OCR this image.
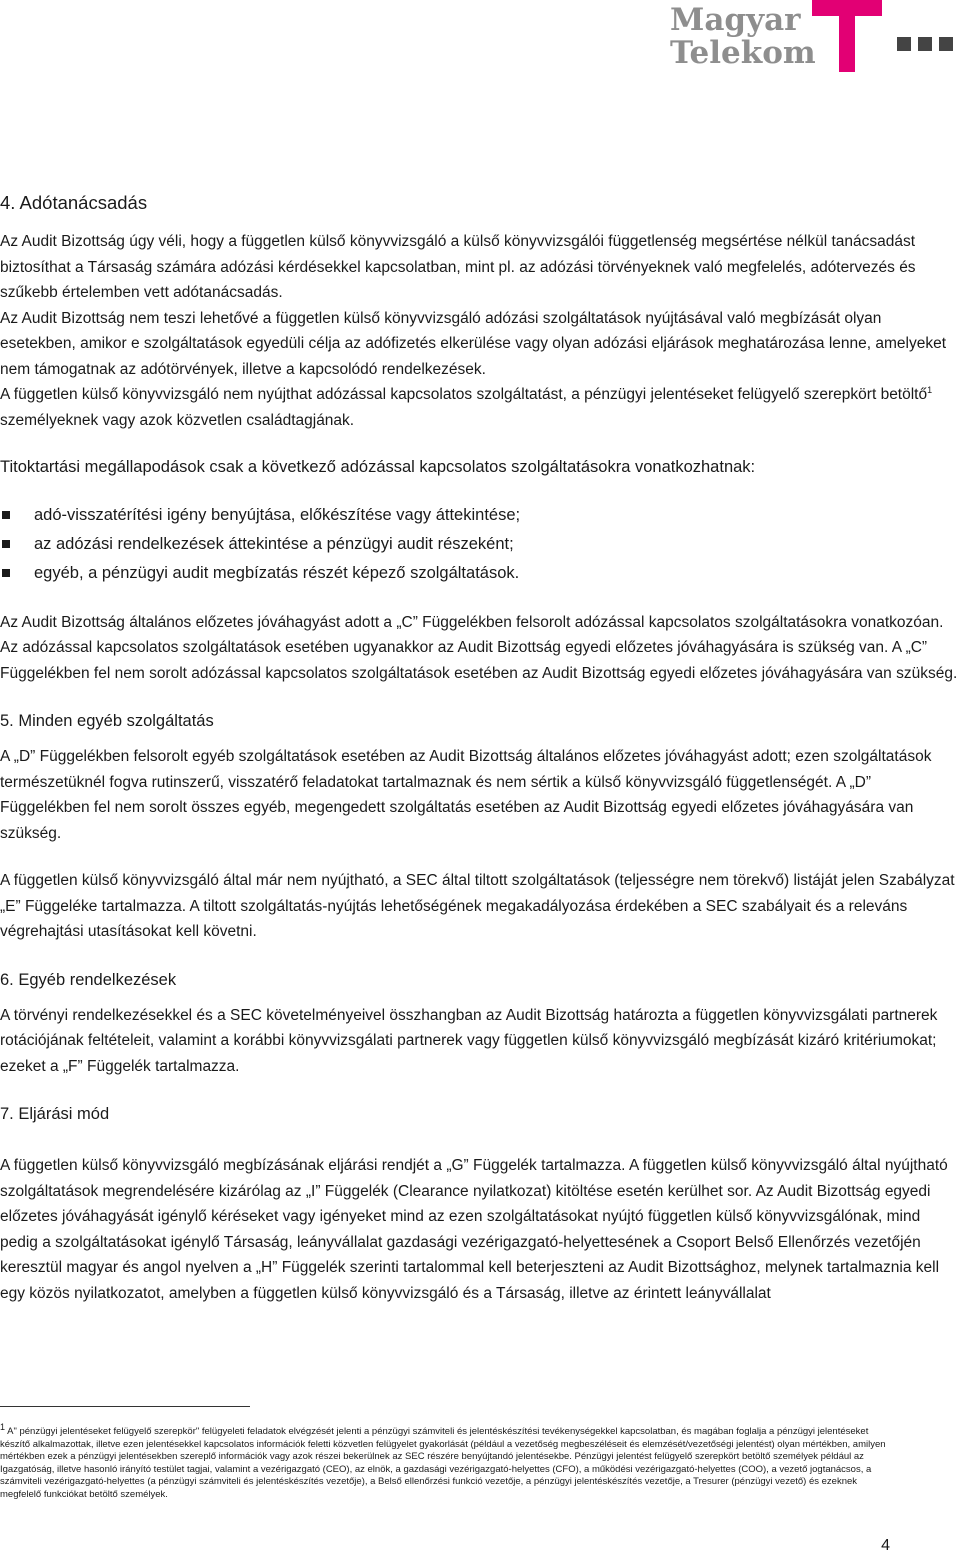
Magyar
Telekom
4. Adótanácsadás

Az Audit Bizottság úgy véli, hogy a független külső könyvvizsgáló a külső könyvvizsgálói függetlenség megsértése nélkül tanácsadást biztosíthat a Társaság számára adózási kérdésekkel kapcsolatban, mint pl. az adózási törvényeknek való megfelelés, adótervezés és szűkebb értelemben vett adótanácsadás.

Az Audit Bizottság nem teszi lehetővé a független külső könyvvizsgáló adózási szolgáltatások nyújtásával való megbízását olyan esetekben, amikor e szolgáltatások egyedüli célja az adófizetés elkerülése vagy olyan adózási eljárások meghatározása lenne, amelyeket nem támogatnak az adótörvények, illetve a kapcsolódó rendelkezések.

A független külső könyvvizsgáló nem nyújthat adózással kapcsolatos szolgáltatást, a pénzügyi jelentéseket felügyelő szerepkört betöltő$^1$ személyeknek vagy azok közvetlen családtagjának.

Titoktartási megállapodások csak a következő adózással kapcsolatos szolgáltatásokra vonatkozhatnak:

adó-visszatérítési igény benyújtása, előkészítése vagy áttekintése;
az adózási rendelkezések áttekintése a pénzügyi audit részeként;
egyéb, a pénzügyi audit megbízatás részét képező szolgáltatások.

Az Audit Bizottság általános előzetes jóváhagyást adott a „C” Függelékben felsorolt adózással kapcsolatos szolgáltatásokra vonatkozóan. Az adózással kapcsolatos szolgáltatások esetében ugyanakkor az Audit Bizottság egyedi előzetes jóváhagyására is szükség van. A „C” Függelékben fel nem sorolt adózással kapcsolatos szolgáltatások esetében az Audit Bizottság egyedi előzetes jóváhagyására van szükség.

5. Minden egyéb szolgáltatás

A „D” Függelékben felsorolt egyéb szolgáltatások esetében az Audit Bizottság általános előzetes jóváhagyást adott; ezen szolgáltatások természetüknél fogva rutinszerű, visszatérő feladatokat tartalmaznak és nem sértik a külső könyvvizsgáló függetlenségét. A „D” Függelékben fel nem sorolt összes egyéb, megengedett szolgáltatás esetében az Audit Bizottság egyedi előzetes jóváhagyására van szükség.

A független külső könyvvizsgáló által már nem nyújtható, a SEC által tiltott szolgáltatások (teljességre nem törekvő) listáját jelen Szabályzat „E” Függeléke tartalmazza. A tiltott szolgáltatás-nyújtás lehetőségének megakadályozása érdekében a SEC szabályait és a releváns végrehajtási utasításokat kell követni.

6. Egyéb rendelkezések

A törvényi rendelkezésekkel és a SEC követelményeivel összhangban az Audit Bizottság határozta a független könyvvizsgálati partnerek rotációjának feltételeit, valamint a korábbi könyvvizsgálati partnerek vagy független külső könyvvizsgáló megbízását kizáró kritériumokat; ezeket a „F” Függelék tartalmazza.

7. Eljárási mód

A független külső könyvvizsgáló megbízásának eljárási rendjét a „G” Függelék tartalmazza. A független külső könyvvizsgáló által nyújtható szolgáltatások megrendelésére kizárólag az „I” Függelék (Clearance nyilatkozat) kitöltése esetén kerülhet sor. Az Audit Bizottság egyedi előzetes jóváhagyását igénylő kéréseket vagy igényeket mind az ezen szolgáltatásokat nyújtó független külső könyvvizsgálónak, mind pedig a szolgáltatásokat igénylő Társaság, leányvállalat gazdasági vezérigazgató-helyettesének a Csoport Belső Ellenőrzés vezetőjén keresztül magyar és angol nyelven a „H” Függelék szerinti tartalommal kell beterjeszteni az Audit Bizottsághoz, melynek tartalmaznia kell egy közös nyilatkozatot, amelyben a független külső könyvvizsgáló és a Társaság, illetve az érintett leányvállalat

$^1$ A" pénzügyi jelentéseket felügyelő szerepkör" felügyeleti feladatok elvégzését jelenti a pénzügyi számviteli és jelentéskészítési tevékenységekkel kapcsolatban, és magában foglalja a pénzügyi jelentéseket készítő alkalmazottak, illetve ezen jelentésekkel kapcsolatos információk feletti közvetlen felügyelet gyakorlását (például a vezetőség megbeszéléseit és elemzését/vezetőségi jelentést) olyan mértékben, amilyen mértékben ezek a pénzügyi jelentésekben szereplő információk vagy azok részei bekerülnek az SEC részére benyújtandó jelentésekbe. Pénzügyi jelentést felügyelő szerepkört betöltő személyek például az Igazgatóság, illetve hasonló irányító testület tagjai, valamint a vezérigazgató (CEO), az elnök, a gazdasági vezérigazgató-helyettes (CFO), a működési vezérigazgató-helyettes (COO), a vezető jogtanácsos, a számviteli vezérigazgató-helyettes (a pénzügyi számviteli és jelentéskészítés vezetője), a Belső ellenőrzési funkció vezetője, a pénzügyi jelentéskészítés vezetője, a Tresurer (pénzügyi vezető) és ezeknek megfelelő funkciókat betöltő személyek.

4
